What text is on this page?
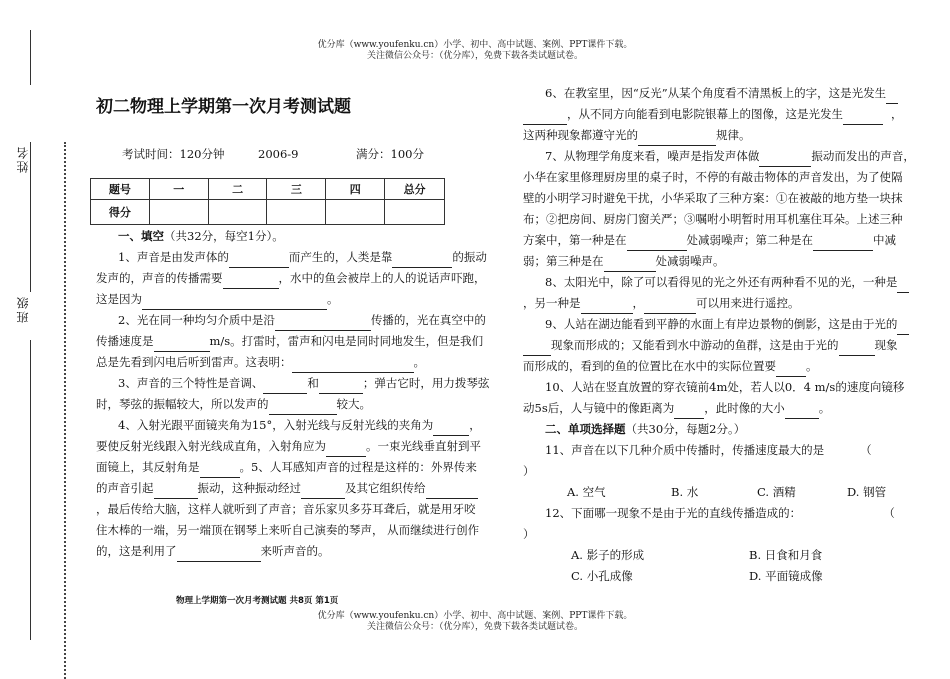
优分库（www.youfenku.cn）小学、初中、高中试题、案例、PPT课件下载。
关注微信公众号：（优分库），免费下载各类试题试卷。
优分库（www.youfenku.cn）小学、初中、高中试题、案例、PPT课件下载。
关注微信公众号：（优分库），免费下载各类试题试卷。
姓名
班级
初二物理上学期第一次月考测试题
考试时间：120分钟	2006-9	满分：100分
题号	一	二	三	四	总分
得分					
一、填空（共32分，每空1分）。
1、声音是由发声体的	而产生的，人类是靠	的振动
发声的，声音的传播需要	，水中的鱼会被岸上的人的说话声吓跑，
这是因为	。
2、光在同一种均匀介质中是沿	传播的，光在真空中的
传播速度是	m/s。打雷时，雷声和闪电是同时同地发生，但是我们
总是先看到闪电后听到雷声。这表明：	。
3、声音的三个特性是音调、	和	；弹古它时，用力拨琴弦
时，琴弦的振幅较大，所以发声的	较大。
4、入射光跟平面镜夹角为15°，入射光线与反射光线的夹角为	，
要使反射光线跟入射光线成直角，入射角应为	。一束光线垂直射到平
面镜上，其反射角是	。5、人耳感知声音的过程是这样的：外界传来
的声音引起	振动，这种振动经过	及其它组织传给
，最后传给大脑，这样人就听到了声音；音乐家贝多芬耳聋后，就是用牙咬
住木棒的一端，另一端顶在钢琴上来听自己演奏的琴声， 从而继续进行创作
的，这是利用了	来听声音的。
物理上学期第一次月考测试题 共8页 第1页
6、在教室里，因“反光”从某个角度看不清黑板上的字，这是光发生
，从不同方向能看到电影院银幕上的图像，这是光发生	，
这两种现象都遵守光的	规律。
7、从物理学角度来看，噪声是指发声体做	振动而发出的声音，
小华在家里修理厨房里的桌子时，不停的有敲击物体的声音发出，为了使隔
壁的小明学习时避免干扰，小华采取了三种方案：①在被敲的地方垫一块抹
布；②把房间、厨房门窗关严；③嘱咐小明暂时用耳机塞住耳朵。上述三种
方案中，第一种是在	处减弱噪声；第二种是在	中减
弱；第三种是在	处减弱噪声。
8、太阳光中，除了可以看得见的光之外还有两种看不见的光，一种是
，另一种是	，	可以用来进行遥控。
9、人站在湖边能看到平静的水面上有岸边景物的倒影，这是由于光的
现象而形成的；又能看到水中游动的鱼群，这是由于光的	现象
而形成的，看到的鱼的位置比在水中的实际位置要	。
10、人站在竖直放置的穿衣镜前4m处，若人以0．4 m/s的速度向镜移
动5s后，人与镜中的像距离为	，此时像的大小	。
二、单项选择题（共30分，每题2分。）
11、声音在以下几种介质中传播时，传播速度最大的是	（
）
A. 空气	B. 水	C. 酒精	D. 钢管
12、下面哪一现象不是由于光的直线传播造成的：	（
）
A. 影子的形成	B. 日食和月食
C. 小孔成像	D. 平面镜成像
